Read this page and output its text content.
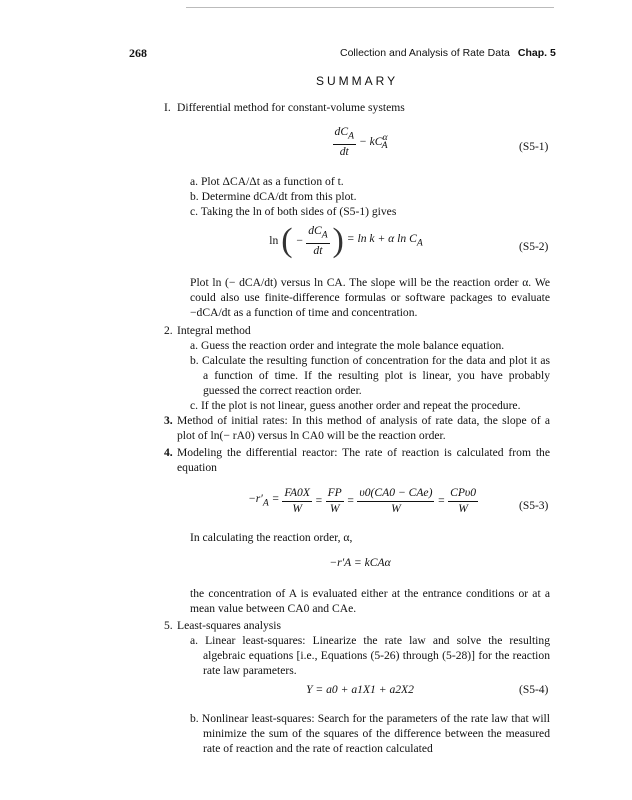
268	Collection and Analysis of Rate Data Chap. 5
SUMMARY
I. Differential method for constant-volume systems
$\frac{dC_A}{dt} - kC^\alpha_A$	(S5-1)
a. Plot ΔCA/Δt as a function of t.
b. Determine dCA/dt from this plot.
c. Taking the ln of both sides of (S5-1) gives
ln ( − $\frac{dC_A}{dt}$ ) = ln k + α $\ln C_A$	(S5-2)
Plot ln (− dCA/dt) versus ln CA. The slope will be the reaction order α. We could also use finite-difference formulas or software packages to evaluate −dCA/dt as a function of time and concentration.
2. Integral method
a. Guess the reaction order and integrate the mole balance equation.
b. Calculate the resulting function of concentration for the data and plot it as a function of time. If the resulting plot is linear, you have probably guessed the correct reaction order.
c. If the plot is not linear, guess another order and repeat the procedure.
3. Method of initial rates: In this method of analysis of rate data, the slope of a plot of ln(− rA0) versus ln CA0 will be the reaction order.
4. Modeling the differential reactor: The rate of reaction is calculated from the equation
$-r'_A = \frac{FA0X}{W} = \frac{FP}{W} = \frac{\text{υ0(CA0 − CAe)}}{W} = \frac{\text{CPυ0}}{W}$	(S5-3)
In calculating the reaction order, α,
−r′A = kCAα
the concentration of A is evaluated either at the entrance conditions or at a mean value between CA0 and CAe.
5. Least-squares analysis
a. Linear least-squares: Linearize the rate law and solve the resulting algebraic equations [i.e., Equations (5-26) through (5-28)] for the reaction rate law parameters.
Y = a0 + a1X1 + a2X2	(S5-4)
b. Nonlinear least-squares: Search for the parameters of the rate law that will minimize the sum of the squares of the difference between the measured rate of reaction and the rate of reaction calculated
